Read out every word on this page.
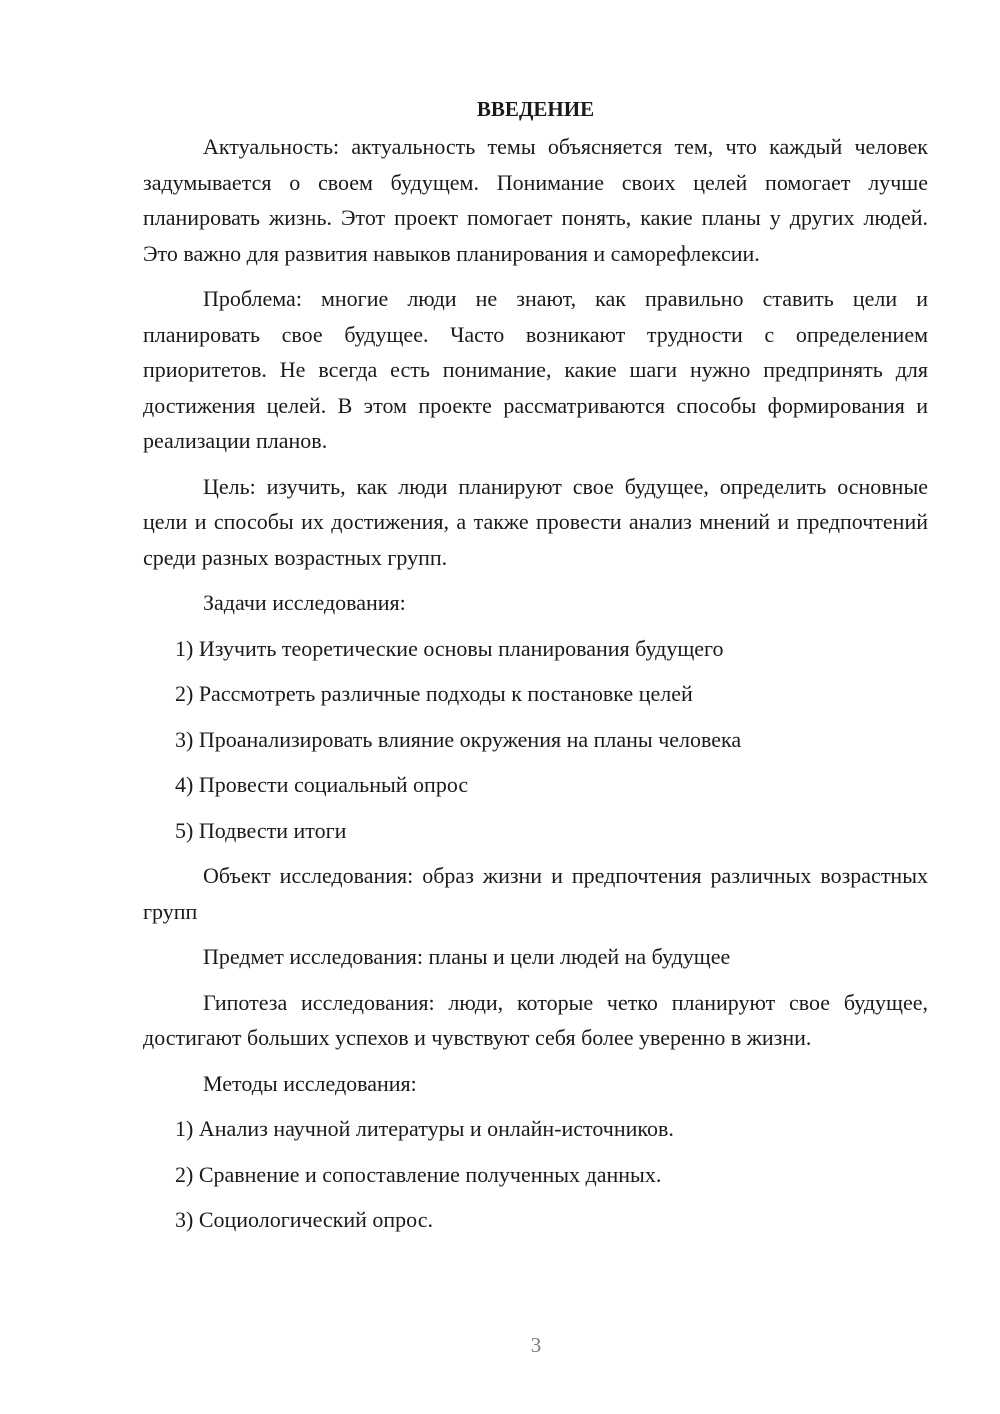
ВВЕДЕНИЕ

Актуальность: актуальность темы объясняется тем, что каждый человек задумывается о своем будущем. Понимание своих целей помогает лучше планировать жизнь. Этот проект помогает понять, какие планы у других людей. Это важно для развития навыков планирования и саморефлексии.

Проблема: многие люди не знают, как правильно ставить цели и планировать свое будущее. Часто возникают трудности с определением приоритетов. Не всегда есть понимание, какие шаги нужно предпринять для достижения целей. В этом проекте рассматриваются способы формирования и реализации планов.

Цель: изучить, как люди планируют свое будущее, определить основные цели и способы их достижения, а также провести анализ мнений и предпочтений среди разных возрастных групп.

Задачи исследования:
1) Изучить теоретические основы планирования будущего
2) Рассмотреть различные подходы к постановке целей
3) Проанализировать влияние окружения на планы человека
4) Провести социальный опрос
5) Подвести итоги

Объект исследования: образ жизни и предпочтения различных возрастных групп

Предмет исследования: планы и цели людей на будущее

Гипотеза исследования: люди, которые четко планируют свое будущее, достигают больших успехов и чувствуют себя более уверенно в жизни.

Методы исследования:
1) Анализ научной литературы и онлайн-источников.
2) Сравнение и сопоставление полученных данных.
3) Социологический опрос.
3
